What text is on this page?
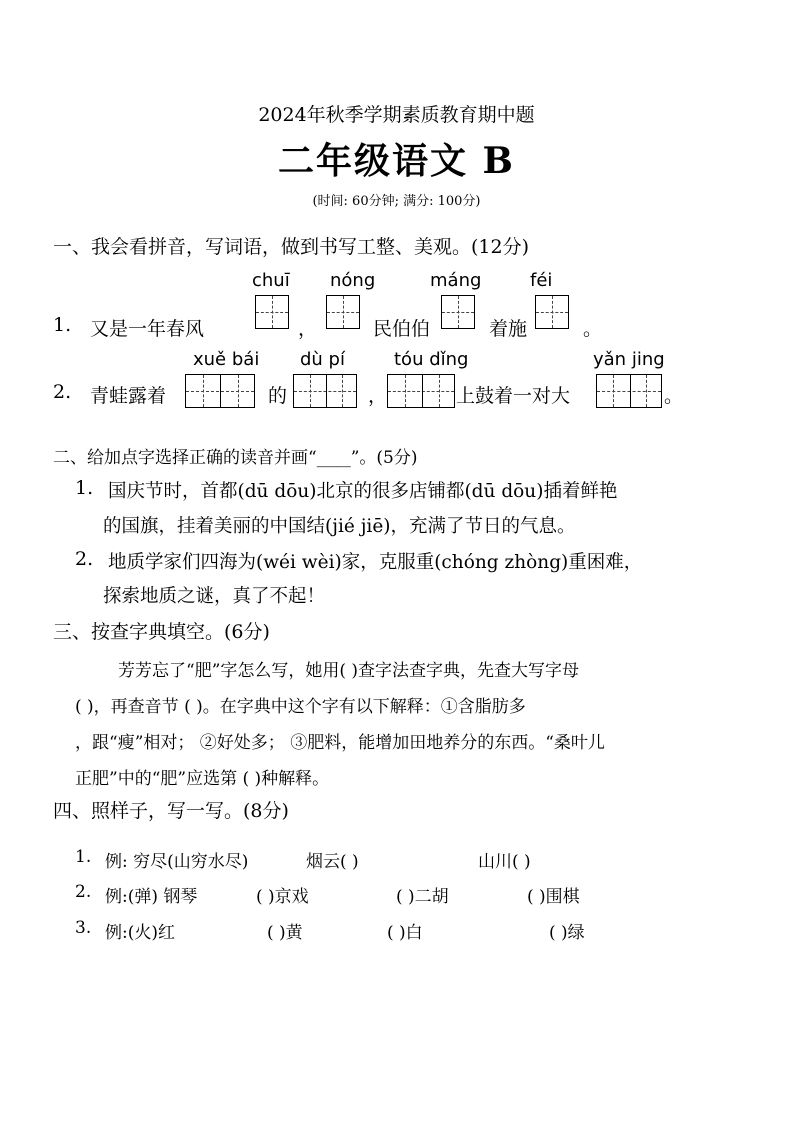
2024年秋季学期素质教育期中题
二年级语文 B
(时间: 60分钟; 满分: 100分)
一、我会看拼音，写词语，做到书写工整、美观。(12分)
chuī nóng	máng	féi
1. 又是一年春风	，	民伯伯	着施	。
xuě bái dù pí	tóu dǐng	yǎn jing
2. 青蛙露着	的	，	上鼓着一对大	。
二、给加点字选择正确的读音并画“____”。(5分)
1. 国庆节时，首都(dū dōu)北京的很多店铺都(dū dōu)插着鲜艳
的国旗，挂着美丽的中国结(jié jiē)，充满了节日的气息。
2. 地质学家们四海为(wéi wèi)家，克服重(chóng zhòng)重困难，
探索地质之谜，真了不起！
三、按查字典填空。(6分)
芳芳忘了“肥”字怎么写，她用( )查字法查字典，先查大写字母
( )，再查音节 ( )。在字典中这个字有以下解释：①含脂肪多
，跟“瘦”相对； ②好处多； ③肥料，能增加田地养分的东西。“桑叶儿
正肥”中的“肥”应选第 ( )种解释。
四、照样子，写一写。(8分)
1. 例: 穷尽(山穷水尽)	烟云( )	山川( )
2. 例:(弹) 钢琴	( )京戏	( )二胡	( )围棋
3. 例:(火)红	( )黄	( )白	( )绿
